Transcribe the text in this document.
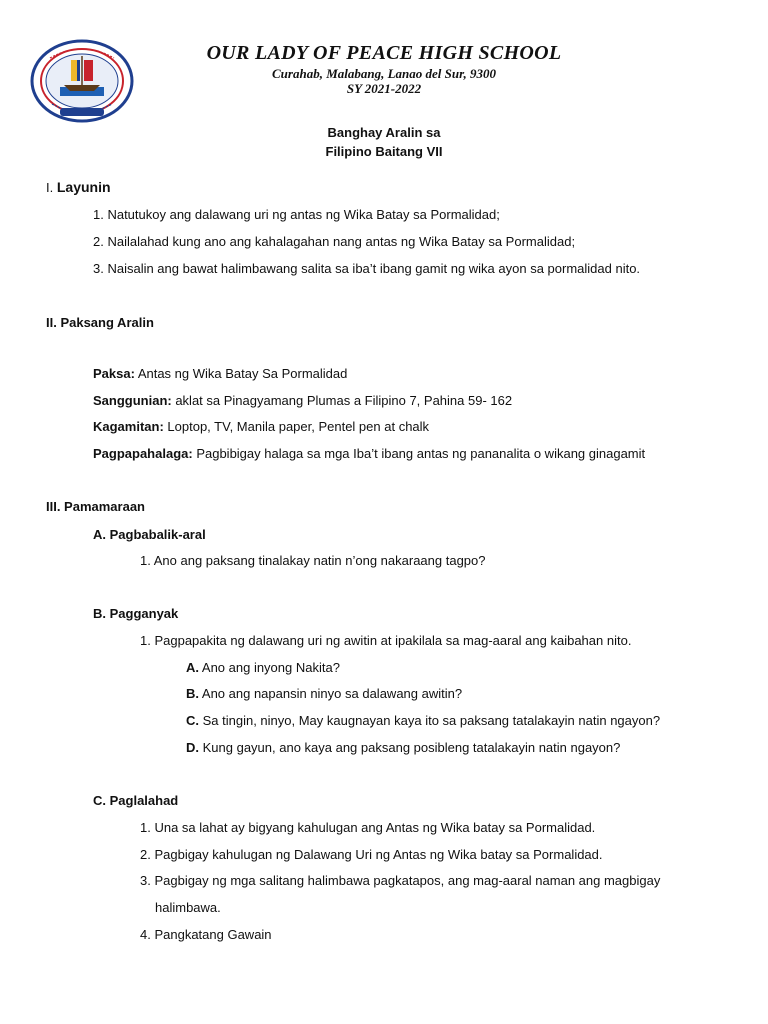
OUR LADY OF PEACE HIGH SCHOOL
Curahab, Malabang, Lanao del Sur, 9300
SY 2021-2022
Banghay Aralin sa
Filipino Baitang VII
I. Layunin
1. Natutukoy ang dalawang uri ng antas ng Wika Batay sa Pormalidad;
2. Nailalahad kung ano ang kahalagahan nang antas ng Wika Batay sa Pormalidad;
3. Naisalin ang bawat halimbawang salita sa iba’t ibang gamit ng wika ayon sa pormalidad nito.
II. Paksang Aralin
Paksa: Antas ng Wika Batay Sa Pormalidad
Sanggunian: aklat sa Pinagyamang Plumas a Filipino 7, Pahina 59- 162
Kagamitan: Loptop, TV, Manila paper, Pentel pen at chalk
Pagpapahalaga: Pagbibigay halaga sa mga Iba’t ibang antas ng pananalita o wikang ginagamit
III. Pamamaraan
A. Pagbabalik-aral
1. Ano ang paksang tinalakay natin n’ong nakaraang tagpo?
B. Pagganyak
1. Pagpapakita ng dalawang uri ng awitin at ipakilala sa mag-aaral ang kaibahan nito.
A. Ano ang inyong Nakita?
B. Ano ang napansin ninyo sa dalawang awitin?
C. Sa tingin, ninyo, May kaugnayan kaya ito sa paksang tatalakayin natin ngayon?
D. Kung gayun, ano kaya ang paksang posibleng tatalakayin natin ngayon?
C. Paglalahad
1. Una sa lahat ay bigyang kahulugan ang Antas ng Wika batay sa Pormalidad.
2. Pagbigay kahulugan ng Dalawang Uri ng Antas ng Wika batay sa Pormalidad.
3. Pagbigay ng mga salitang halimbawa pagkatapos, ang mag-aaral naman ang magbigay
halimbawa.
4. Pangkatang Gawain
